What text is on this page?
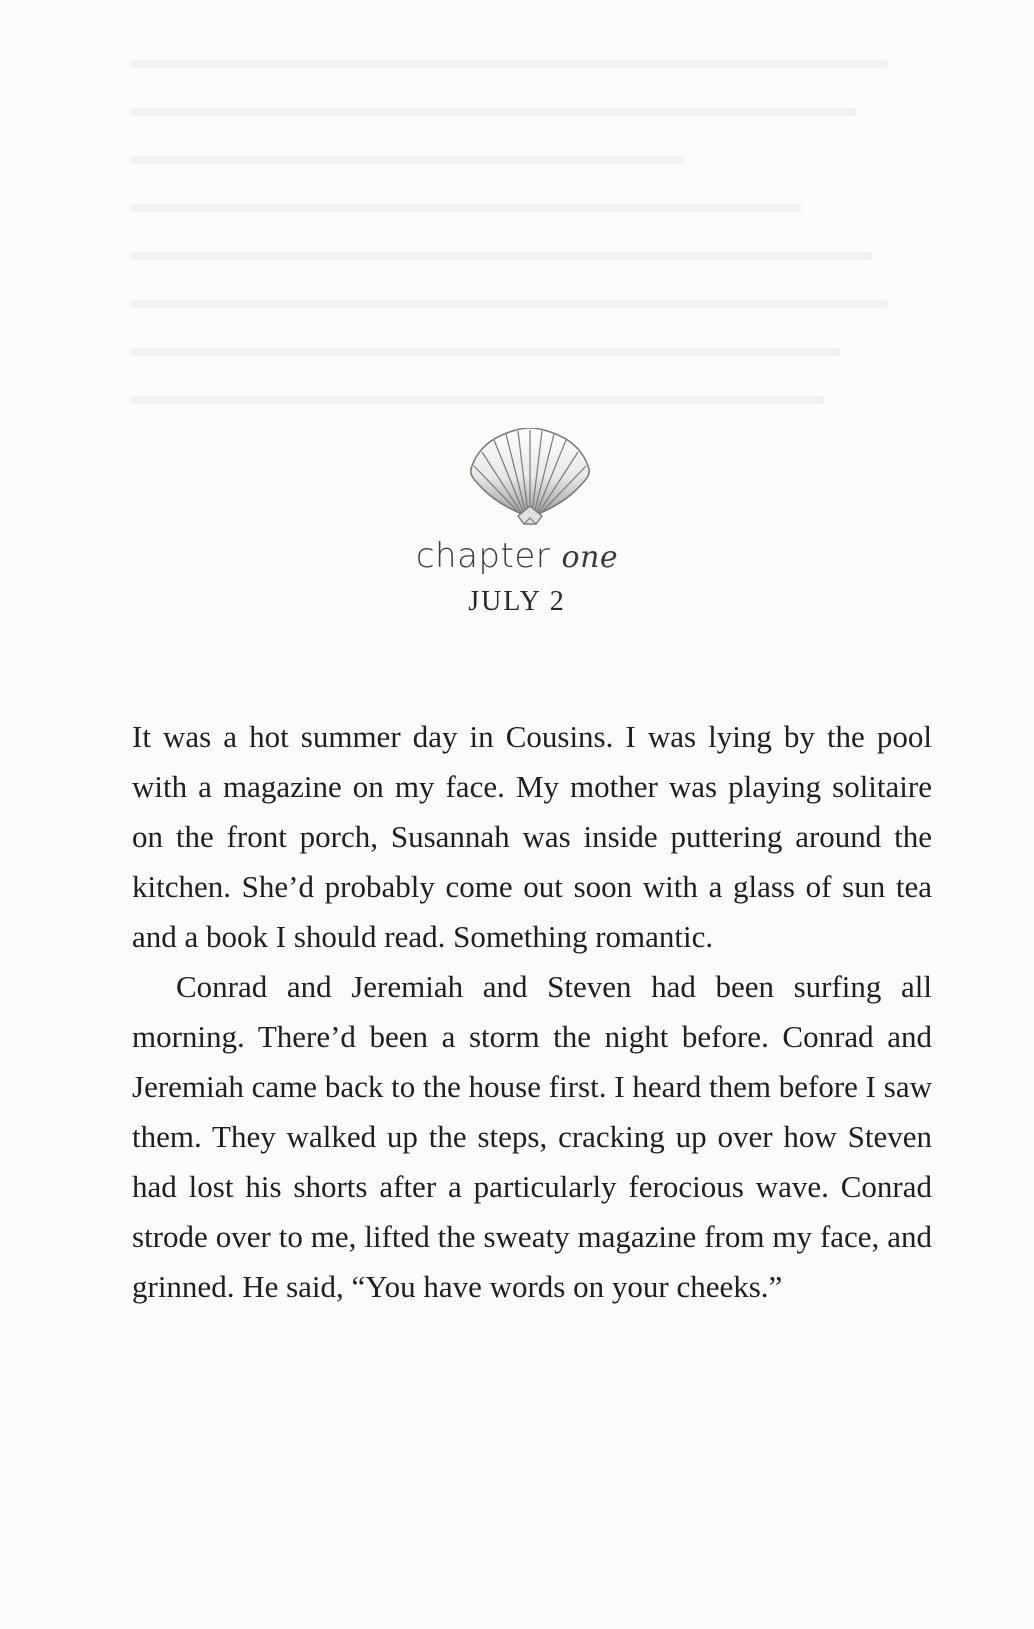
chapter one
JULY 2

It was a hot summer day in Cousins. I was lying by the pool with a magazine on my face. My mother was playing solitaire on the front porch, Susannah was inside puttering around the kitchen. She’d probably come out soon with a glass of sun tea and a book I should read. Something romantic.

Conrad and Jeremiah and Steven had been surfing all morning. There’d been a storm the night before. Conrad and Jeremiah came back to the house first. I heard them before I saw them. They walked up the steps, cracking up over how Steven had lost his shorts after a particularly ferocious wave. Conrad strode over to me, lifted the sweaty magazine from my face, and grinned. He said, “You have words on your cheeks.”
